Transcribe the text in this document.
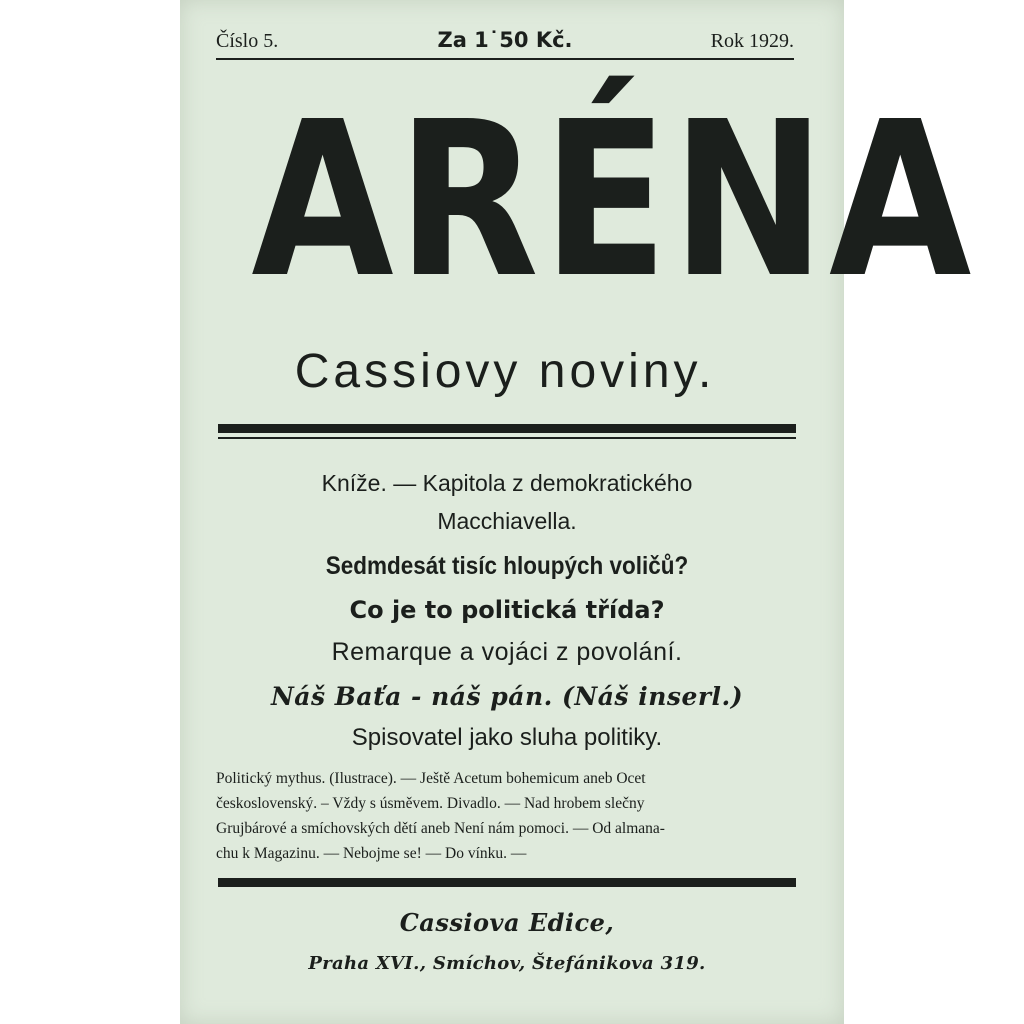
Číslo 5.	Za 1˙50 Kč.	Rok 1929.
ARÉNA
Cassiovy noviny.
Kníže. — Kapitola z demokratického
Macchiavella.
Sedmdesát tisíc hloupých voličů?
Co je to politická třída?
Remarque a vojáci z povolání.
Náš Baťa - náš pán. (Náš inserl.)
Spisovatel jako sluha politiky.
Politický mythus. (Ilustrace). — Ještě Acetum bohemicum aneb Ocet
československý. – Vždy s úsměvem. Divadlo. — Nad hrobem slečny
Grujbárové a smíchovských dětí aneb Není nám pomoci. — Od almana-
chu k Magazinu. — Nebojme se! — Do vínku. —
Cassiova Edice,
Praha XVI., Smíchov, Štefánikova 319.
